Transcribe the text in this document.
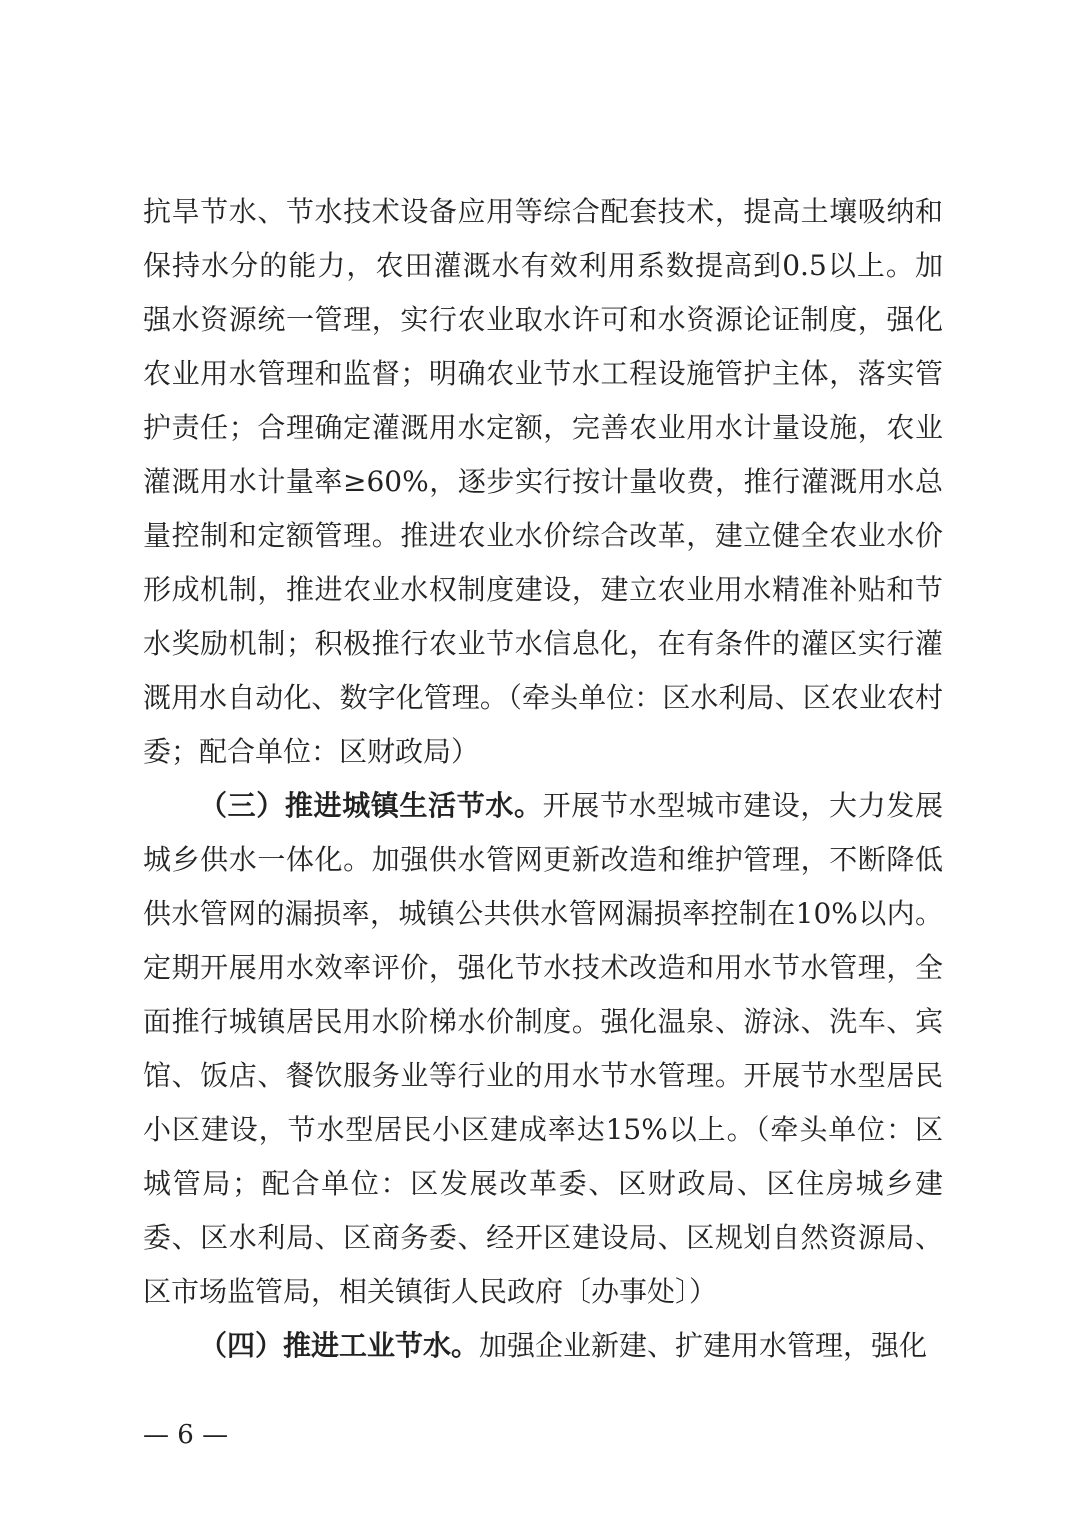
抗旱节水、节水技术设备应用等综合配套技术，提高土壤吸纳和保持水分的能力，农田灌溉水有效利用系数提高到0.5以上。加强水资源统一管理，实行农业取水许可和水资源论证制度，强化农业用水管理和监督；明确农业节水工程设施管护主体，落实管护责任；合理确定灌溉用水定额，完善农业用水计量设施，农业灌溉用水计量率≥60%，逐步实行按计量收费，推行灌溉用水总量控制和定额管理。推进农业水价综合改革，建立健全农业水价形成机制，推进农业水权制度建设，建立农业用水精准补贴和节水奖励机制；积极推行农业节水信息化，在有条件的灌区实行灌溉用水自动化、数字化管理。（牵头单位：区水利局、区农业农村委；配合单位：区财政局）

（三）推进城镇生活节水。开展节水型城市建设，大力发展城乡供水一体化。加强供水管网更新改造和维护管理，不断降低供水管网的漏损率，城镇公共供水管网漏损率控制在10%以内。定期开展用水效率评价，强化节水技术改造和用水节水管理，全面推行城镇居民用水阶梯水价制度。强化温泉、游泳、洗车、宾馆、饭店、餐饮服务业等行业的用水节水管理。开展节水型居民小区建设，节水型居民小区建成率达15%以上。（牵头单位：区城管局；配合单位：区发展改革委、区财政局、区住房城乡建委、区水利局、区商务委、经开区建设局、区规划自然资源局、区市场监管局，相关镇街人民政府〔办事处〕）

（四）推进工业节水。加强企业新建、扩建用水管理，强化

— 6 —
